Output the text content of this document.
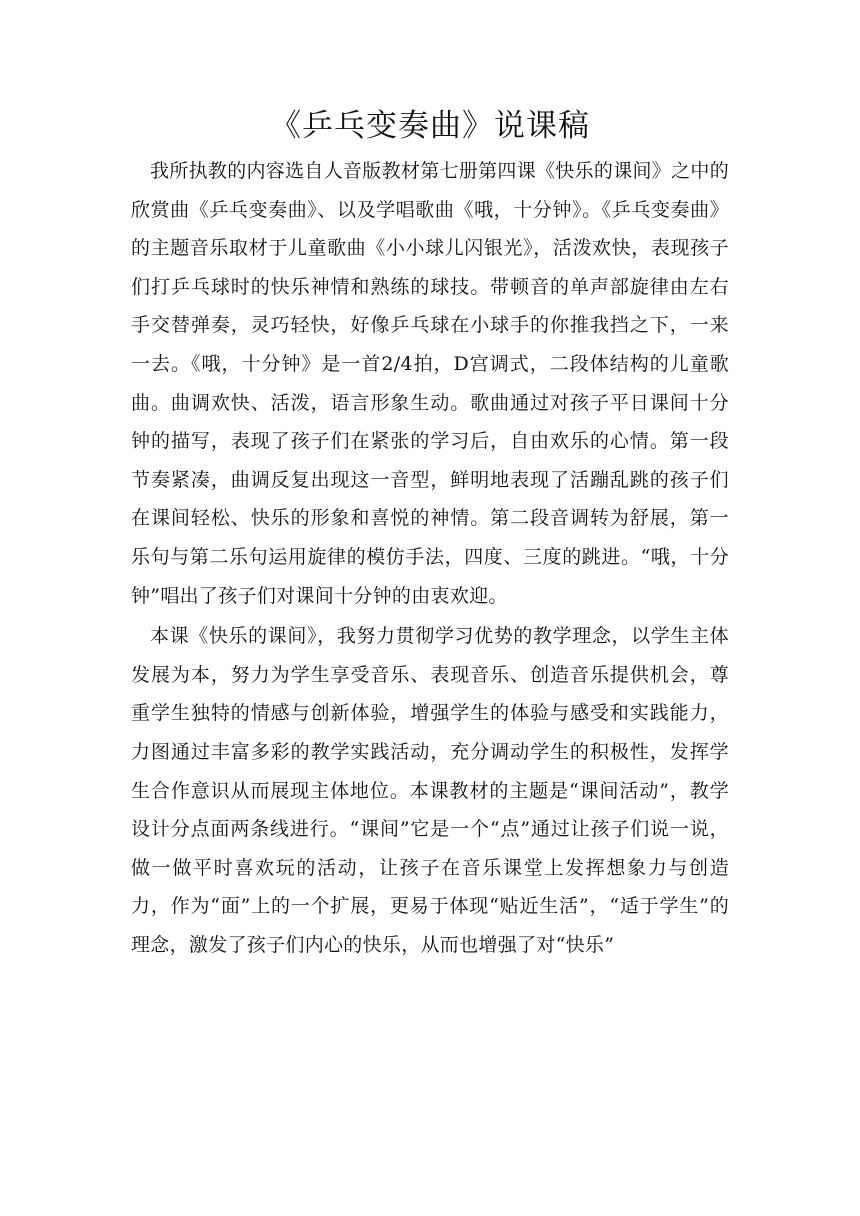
《乒乓变奏曲》说课稿

我所执教的内容选自人音版教材第七册第四课《快乐的课间》之中的欣赏曲《乒乓变奏曲》、以及学唱歌曲《哦，十分钟》。《乒乓变奏曲》的主题音乐取材于儿童歌曲《小小球儿闪银光》，活泼欢快，表现孩子们打乒乓球时的快乐神情和熟练的球技。带顿音的单声部旋律由左右手交替弹奏，灵巧轻快，好像乒乓球在小球手的你推我挡之下，一来一去。《哦，十分钟》是一首2/4拍，D宫调式，二段体结构的儿童歌曲。曲调欢快、活泼，语言形象生动。歌曲通过对孩子平日课间十分钟的描写，表现了孩子们在紧张的学习后，自由欢乐的心情。第一段节奏紧凑，曲调反复出现这一音型，鲜明地表现了活蹦乱跳的孩子们在课间轻松、快乐的形象和喜悦的神情。第二段音调转为舒展，第一乐句与第二乐句运用旋律的模仿手法，四度、三度的跳进。“哦，十分钟”唱出了孩子们对课间十分钟的由衷欢迎。

本课《快乐的课间》，我努力贯彻学习优势的教学理念，以学生主体发展为本，努力为学生享受音乐、表现音乐、创造音乐提供机会，尊重学生独特的情感与创新体验，增强学生的体验与感受和实践能力，力图通过丰富多彩的教学实践活动，充分调动学生的积极性，发挥学生合作意识从而展现主体地位。本课教材的主题是“课间活动”，教学设计分点面两条线进行。“课间”它是一个“点”通过让孩子们说一说，做一做平时喜欢玩的活动，让孩子在音乐课堂上发挥想象力与创造力，作为“面”上的一个扩展，更易于体现“贴近生活”，“适于学生”的理念，激发了孩子们内心的快乐，从而也增强了对“快乐”
